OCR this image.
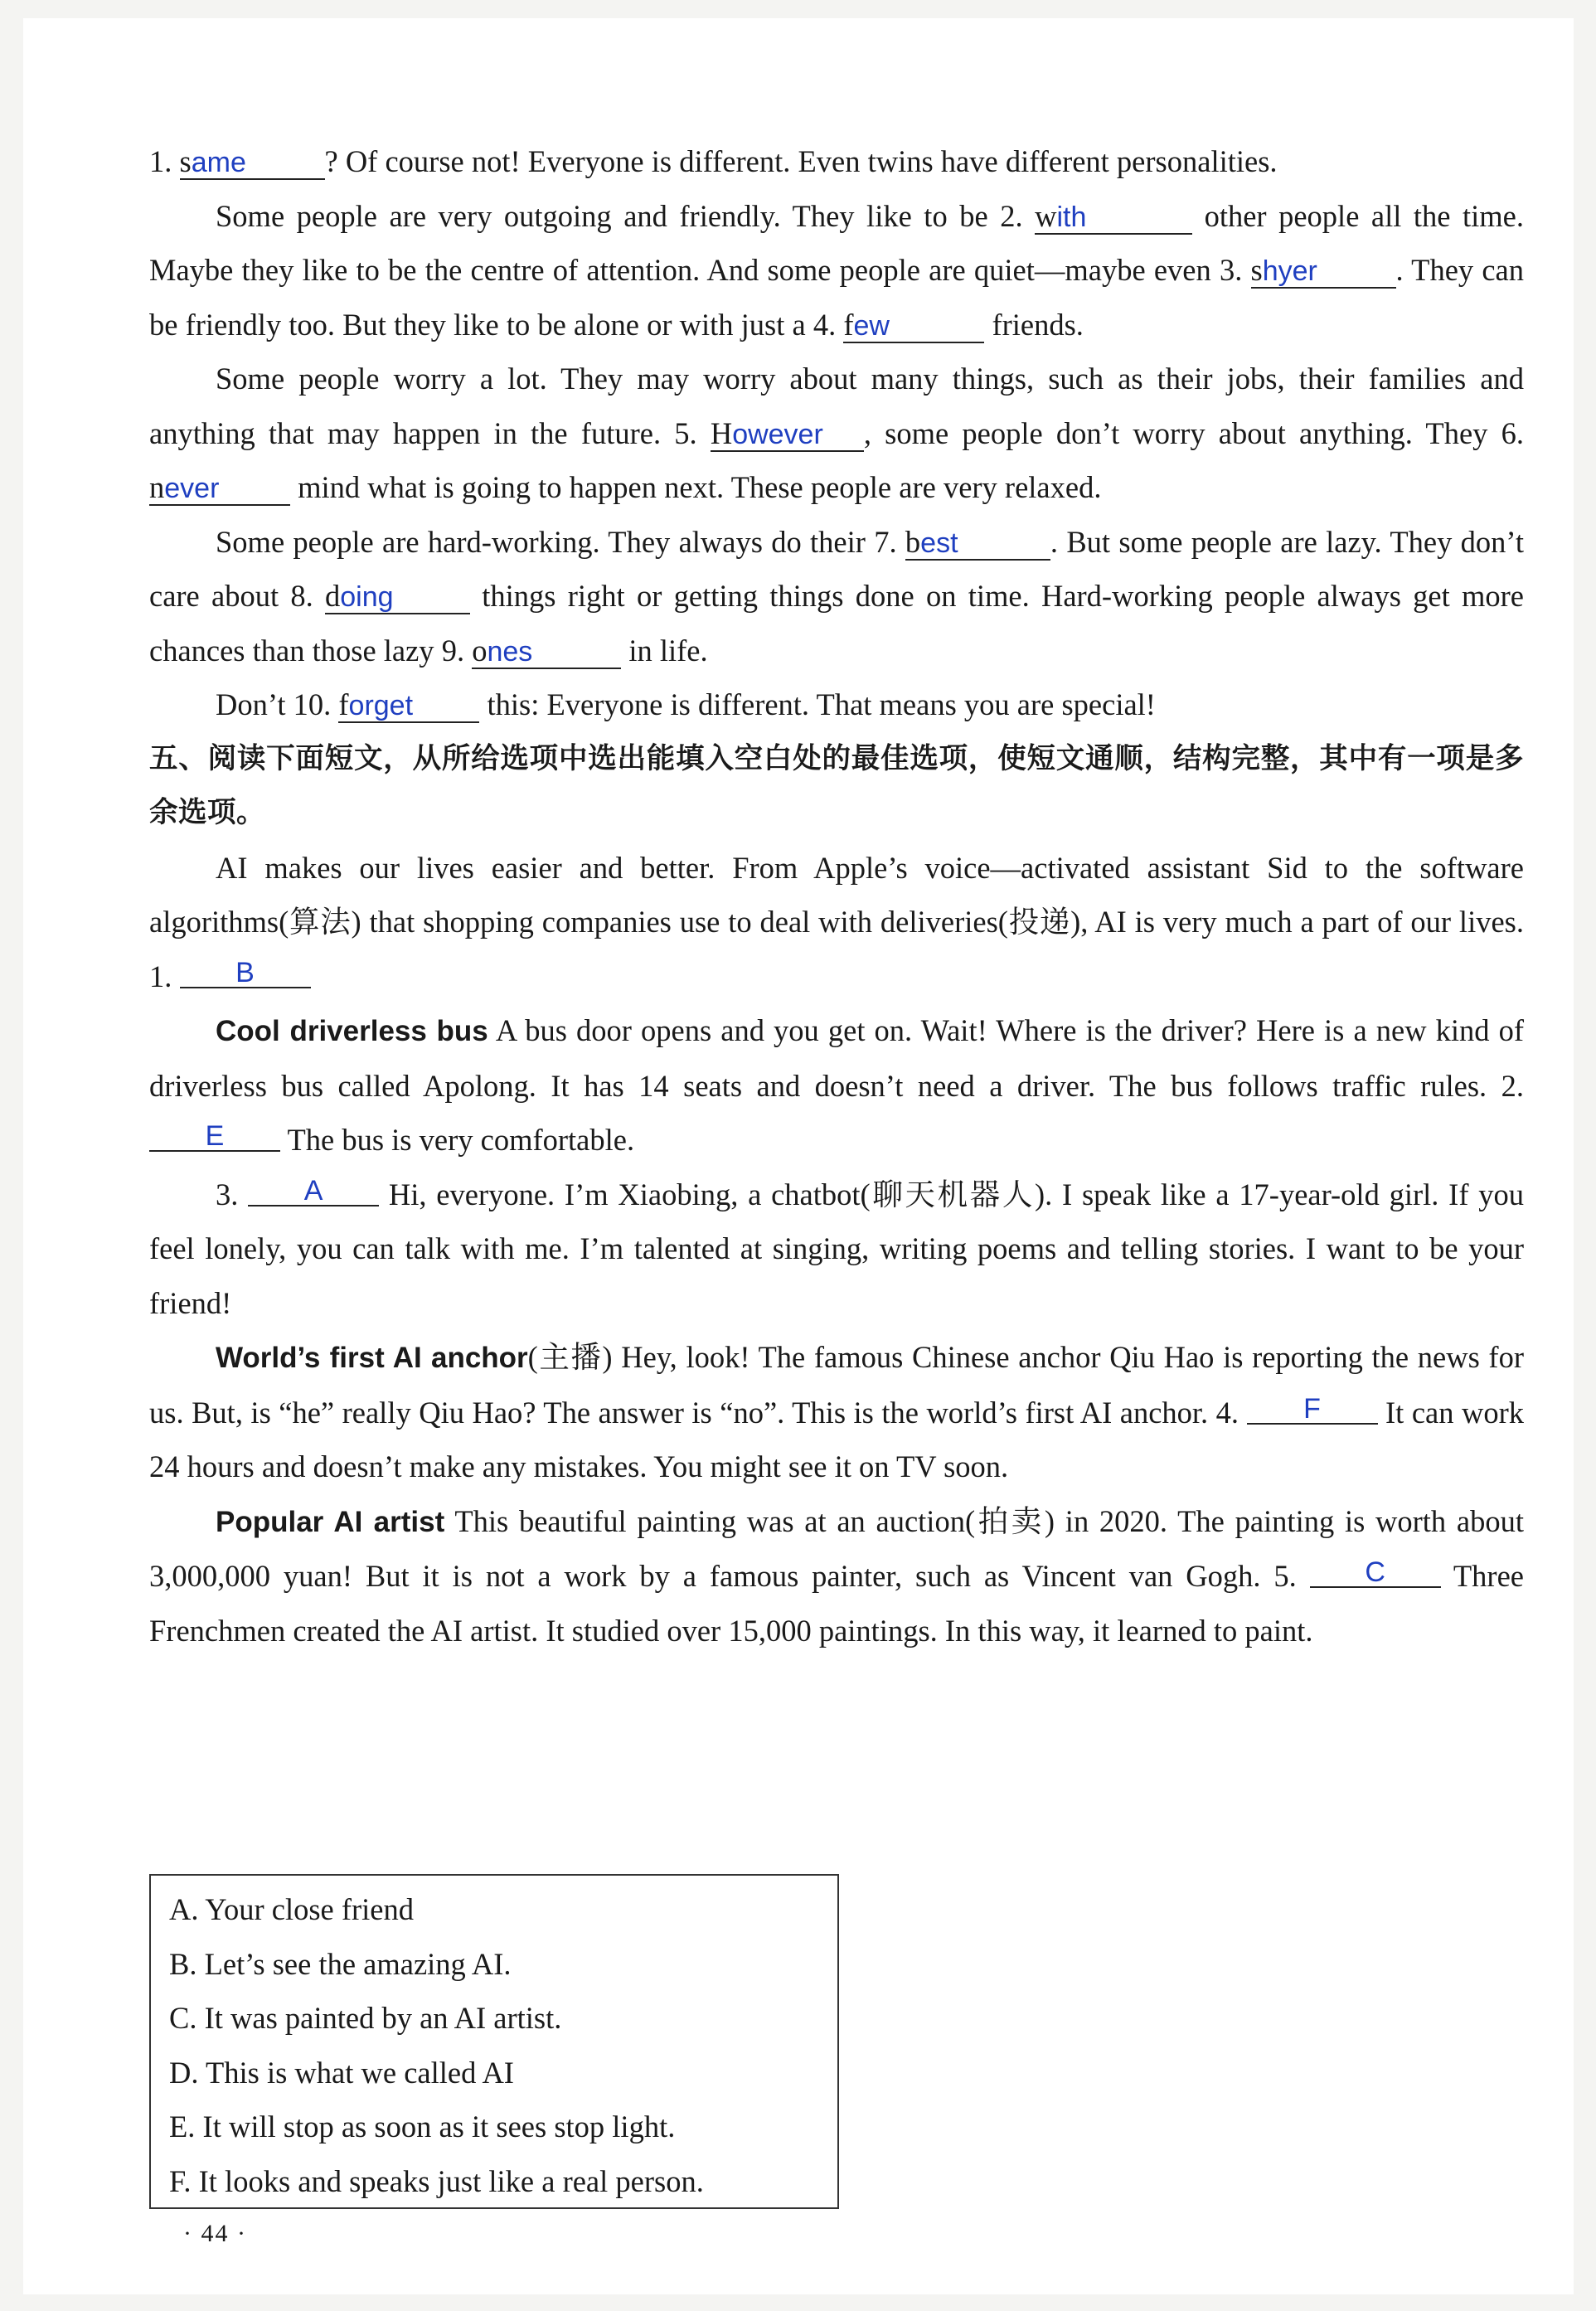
1. same	? Of course not! Everyone is different. Even twins have different personalities.

Some people are very outgoing and friendly. They like to be 2. with	other people all the time. Maybe they like to be the centre of attention. And some people are quiet—maybe even 3. shyer	. They can be friendly too. But they like to be alone or with just a 4. few	friends.

Some people worry a lot. They may worry about many things, such as their jobs, their families and anything that may happen in the future. 5. However , some people don’t worry about anything. They 6. never mind what is going to happen next. These people are very relaxed.

Some people are hard-working. They always do their 7. best	. But some people are lazy. They don’t care about 8. doing	things right or getting things done on time. Hard-working people always get more chances than those lazy 9. ones	in life.

Don’t 10. forget this: Everyone is different. That means you are special!

五、阅读下面短文，从所给选项中选出能填入空白处的最佳选项，使短文通顺，结构完整，其中有一项是多余选项。

AI makes our lives easier and better. From Apple’s voice—activated assistant Sid to the software algorithms(算法) that shopping companies use to deal with deliveries(投递), AI is very much a part of our lives. 1. B

Cool driverless bus A bus door opens and you get on. Wait! Where is the driver? Here is a new kind of driverless bus called Apolong. It has 14 seats and doesn’t need a driver. The bus follows traffic rules. 2. E The bus is very comfortable.

3. A Hi, everyone. I’m Xiaobing, a chatbot(聊天机器人). I speak like a 17-year-old girl. If you feel lonely, you can talk with me. I’m talented at singing, writing poems and telling stories. I want to be your friend!

World’s first AI anchor(主播) Hey, look! The famous Chinese anchor Qiu Hao is reporting the news for us. But, is “he” really Qiu Hao? The answer is “no”. This is the world’s first AI anchor. 4. F It can work 24 hours and doesn’t make any mistakes. You might see it on TV soon.

Popular AI artist This beautiful painting was at an auction(拍卖) in 2020. The painting is worth about 3,000,000 yuan! But it is not a work by a famous painter, such as Vincent van Gogh. 5. C Three Frenchmen created the AI artist. It studied over 15,000 paintings. In this way, it learned to paint.

A. Your close friend

B. Let’s see the amazing AI.

C. It was painted by an AI artist.

D. This is what we called AI

E. It will stop as soon as it sees stop light.

F. It looks and speaks just like a real person.

· 44 ·
